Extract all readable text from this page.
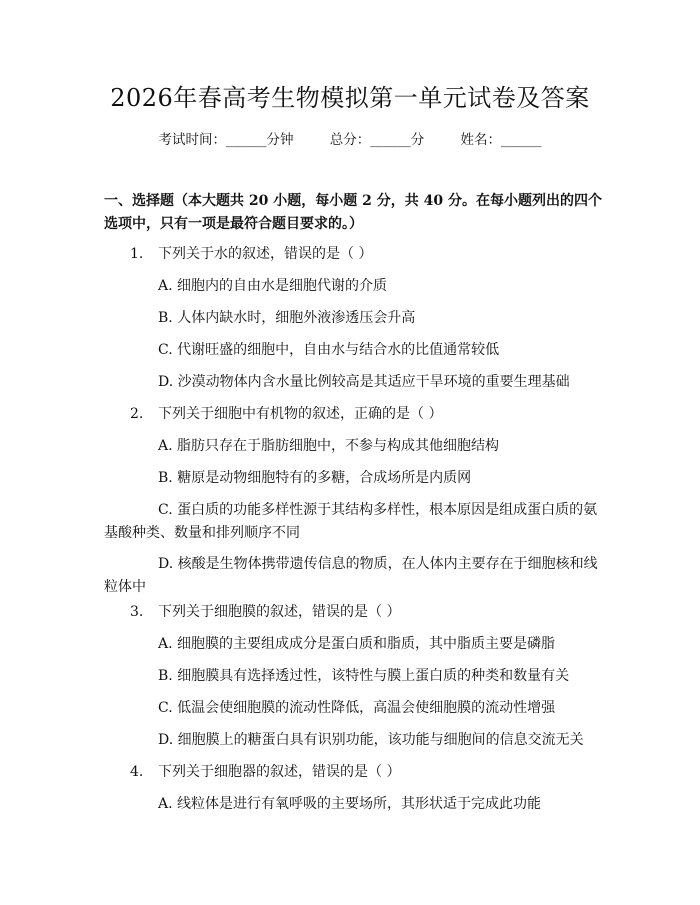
2026年春高考生物模拟第一单元试卷及答案
考试时间：______分钟	总分：______分	姓名：______
一、选择题（本大题共 20 小题，每小题 2 分，共 40 分。在每小题列出的四个选项中，只有一项是最符合题目要求的。）
1. 下列关于水的叙述，错误的是（ ）
A. 细胞内的自由水是细胞代谢的介质
B. 人体内缺水时，细胞外液渗透压会升高
C. 代谢旺盛的细胞中，自由水与结合水的比值通常较低
D. 沙漠动物体内含水量比例较高是其适应干旱环境的重要生理基础
2. 下列关于细胞中有机物的叙述，正确的是（ ）
A. 脂肪只存在于脂肪细胞中，不参与构成其他细胞结构
B. 糖原是动物细胞特有的多糖，合成场所是内质网
C. 蛋白质的功能多样性源于其结构多样性，根本原因是组成蛋白质的氨基酸种类、数量和排列顺序不同
D. 核酸是生物体携带遗传信息的物质，在人体内主要存在于细胞核和线粒体中
3. 下列关于细胞膜的叙述，错误的是（ ）
A. 细胞膜的主要组成成分是蛋白质和脂质，其中脂质主要是磷脂
B. 细胞膜具有选择透过性，该特性与膜上蛋白质的种类和数量有关
C. 低温会使细胞膜的流动性降低，高温会使细胞膜的流动性增强
D. 细胞膜上的糖蛋白具有识别功能，该功能与细胞间的信息交流无关
4. 下列关于细胞器的叙述，错误的是（ ）
A. 线粒体是进行有氧呼吸的主要场所，其形状适于完成此功能
